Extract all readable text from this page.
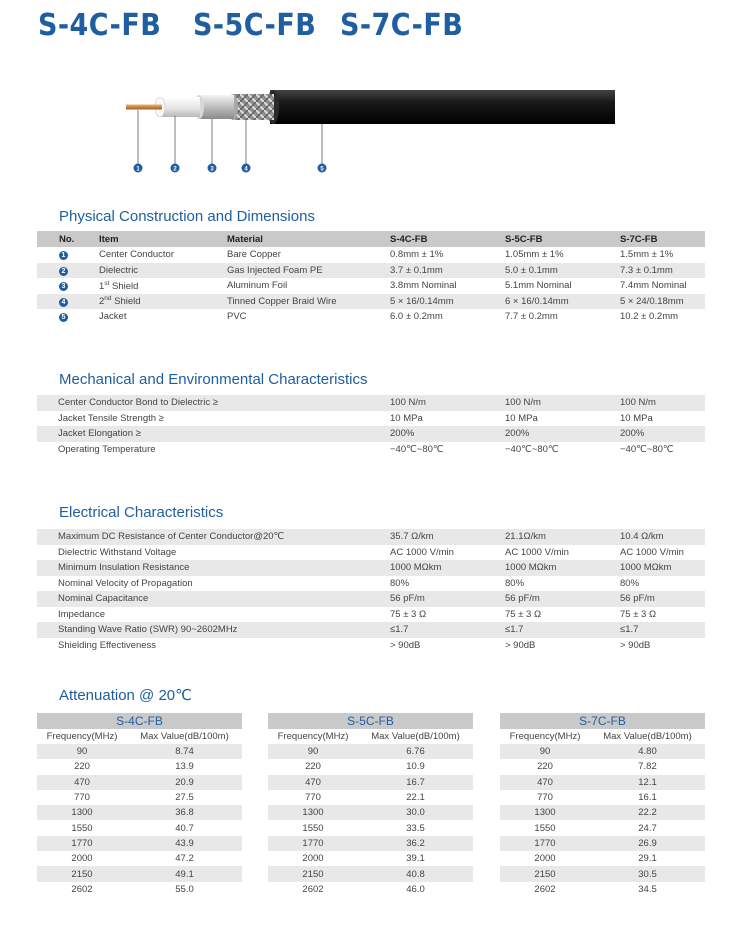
S-4C-FB S-5C-FB S-7C-FB
1	2	3	4	5
Physical Construction and Dimensions
No.	Item	Material	S-4C-FB	S-5C-FB	S-7C-FB
1	Center Conductor	Bare Copper	0.8mm ± 1%	1.05mm ± 1%	1.5mm ± 1%
2	Dielectric	Gas Injected Foam PE	3.7 ± 0.1mm	5.0 ± 0.1mm	7.3 ± 0.1mm
3	1st Shield	Aluminum Foil	3.8mm Nominal	5.1mm Nominal	7.4mm Nominal
4	2nd Shield	Tinned Copper Braid Wire	5 × 16/0.14mm	6 × 16/0.14mm	5 × 24/0.18mm
5	Jacket	PVC	6.0 ± 0.2mm	7.7 ± 0.2mm	10.2 ± 0.2mm
Mechanical and Environmental Characteristics
Center Conductor Bond to Dielectric ≥	100 N/m	100 N/m	100 N/m
Jacket Tensile Strength ≥	10 MPa	10 MPa	10 MPa
Jacket Elongation ≥	200%	200%	200%
Operating Temperature	−40℃~80℃	−40℃~80℃	−40℃~80℃
Electrical Characteristics
Maximum DC Resistance of Center Conductor@20℃	35.7 Ω/km	21.1Ω/km	10.4 Ω/km
Dielectric Withstand Voltage	AC 1000 V/min	AC 1000 V/min	AC 1000 V/min
Minimum Insulation Resistance	1000 MΩkm	1000 MΩkm	1000 MΩkm
Nominal Velocity of Propagation	80%	80%	80%
Nominal Capacitance	56 pF/m	56 pF/m	56 pF/m
Impedance	75 ± 3 Ω	75 ± 3 Ω	75 ± 3 Ω
Standing Wave Ratio (SWR) 90~2602MHz	≤1.7	≤1.7	≤1.7
Shielding Effectiveness	> 90dB	> 90dB	> 90dB
Attenuation @ 20℃
S-4C-FB	
Frequency(MHz)	Max Value(dB/100m)
90	8.74
220	13.9
470	20.9
770	27.5
1300	36.8
1550	40.7
1770	43.9
2000	47.2
2150	49.1
2602	55.0
S-5C-FB	
Frequency(MHz)	Max Value(dB/100m)
90	6.76
220	10.9
470	16.7
770	22.1
1300	30.0
1550	33.5
1770	36.2
2000	39.1
2150	40.8
2602	46.0
S-7C-FB	
Frequency(MHz)	Max Value(dB/100m)
90	4.80
220	7.82
470	12.1
770	16.1
1300	22.2
1550	24.7
1770	26.9
2000	29.1
2150	30.5
2602	34.5
